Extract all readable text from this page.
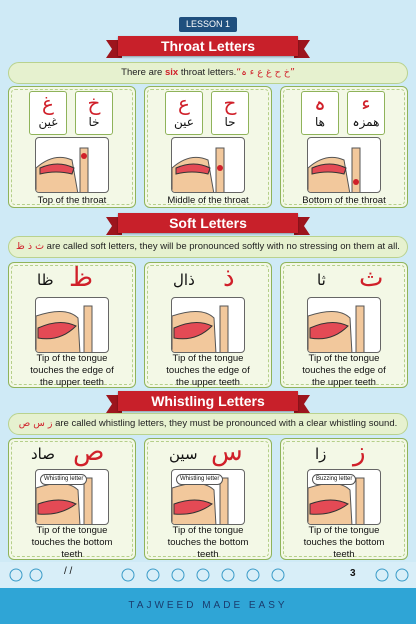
LESSON 1
Throat Letters
There are six throat letters.“خ ح غ ع ء ہ”
غ
غین
خ
خا
Top of the throat
ع
عین
ح
حا
Middle of the throat
ہ
ھا
ء
همزہ
Bottom of the throat
Soft Letters
ث ذ ظ are called soft letters, they will be pronounced softly with no stressing on them at all.
ظ
ظا
Tip of the tongue
touches the edge of
the upper teeth
ذ
ذال
Tip of the tongue
touches the edge of
the upper teeth
ث
ثا
Tip of the tongue
touches the edge of
the upper teeth
Whistling Letters
ز س ص are called whistling letters, they must be pronounced with a clear whistling sound.
ص
صاد
Whistling letter
Tip of the tongue
touches the bottom
teeth
س
سین
Whistling letter
Tip of the tongue
touches the bottom
teeth
ز
زا
Buzzing letter
Tip of the tongue
touches the bottom
teeth
/ /	3
TAJWEED MADE EASY
